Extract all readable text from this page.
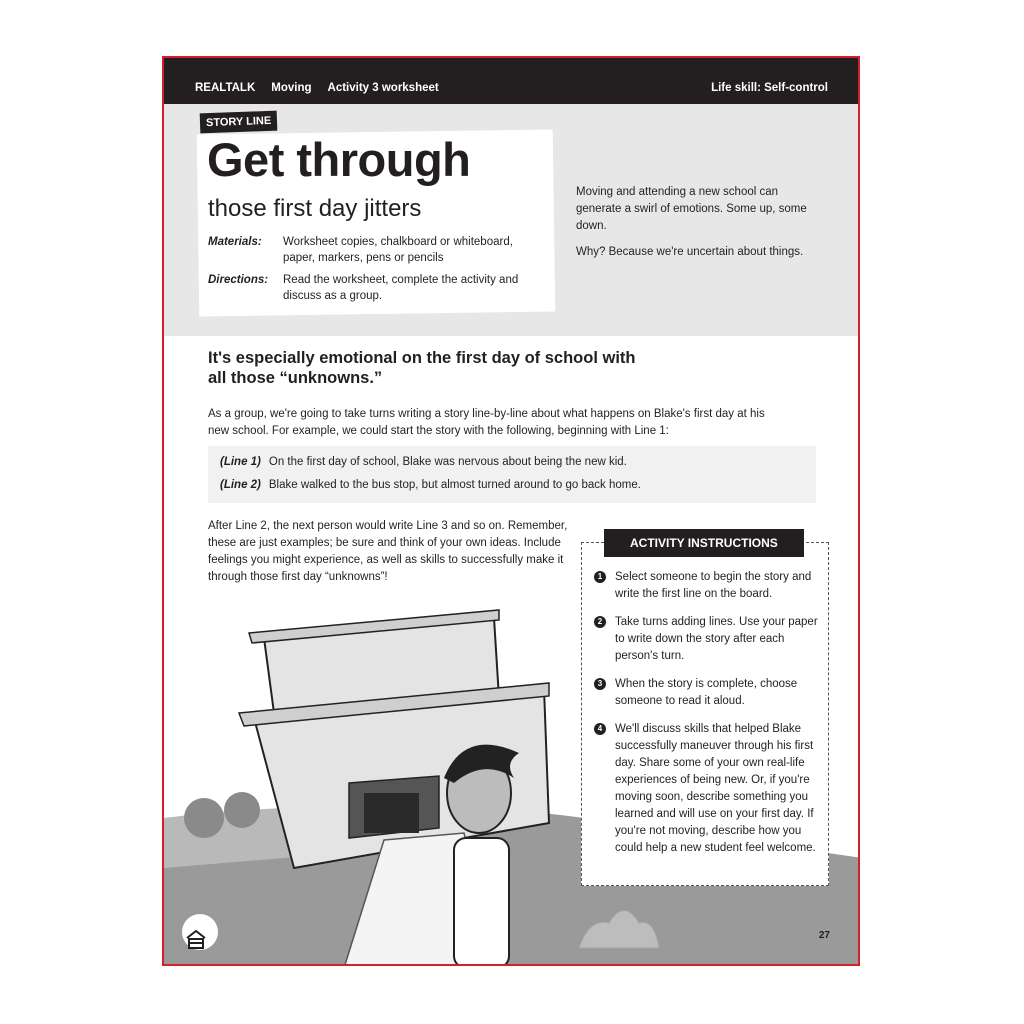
REALTALK Moving Activity 3 worksheet	Life skill: Self-control
STORY LINE
Get through
those first day jitters
Materials:	Worksheet copies, chalkboard or whiteboard, paper, markers, pens or pencils
Directions:	Read the worksheet, complete the activity and discuss as a group.

Moving and attending a new school can generate a swirl of emotions. Some up, some down.

Why? Because we're uncertain about things.

It's especially emotional on the first day of school with all those “unknowns.”
As a group, we're going to take turns writing a story line-by-line about what happens on Blake's first day at his new school. For example, we could start the story with the following, beginning with Line 1:
(Line 1) On the first day of school, Blake was nervous about being the new kid.
(Line 2) Blake walked to the bus stop, but almost turned around to go back home.
After Line 2, the next person would write Line 3 and so on. Remember, these are just examples; be sure and think of your own ideas. Include feelings you might experience, as well as skills to successfully make it through those first day “unknowns”!
ACTIVITY INSTRUCTIONS
1	Select someone to begin the story and write the first line on the board.
2	Take turns adding lines. Use your paper to write down the story after each person's turn.
3	When the story is complete, choose someone to read it aloud.
4	We'll discuss skills that helped Blake successfully maneuver through his first day. Share some of your own real-life experiences of being new. Or, if you're moving soon, describe something you learned and will use on your first day. If you're not moving, describe how you could help a new student feel welcome.
27
